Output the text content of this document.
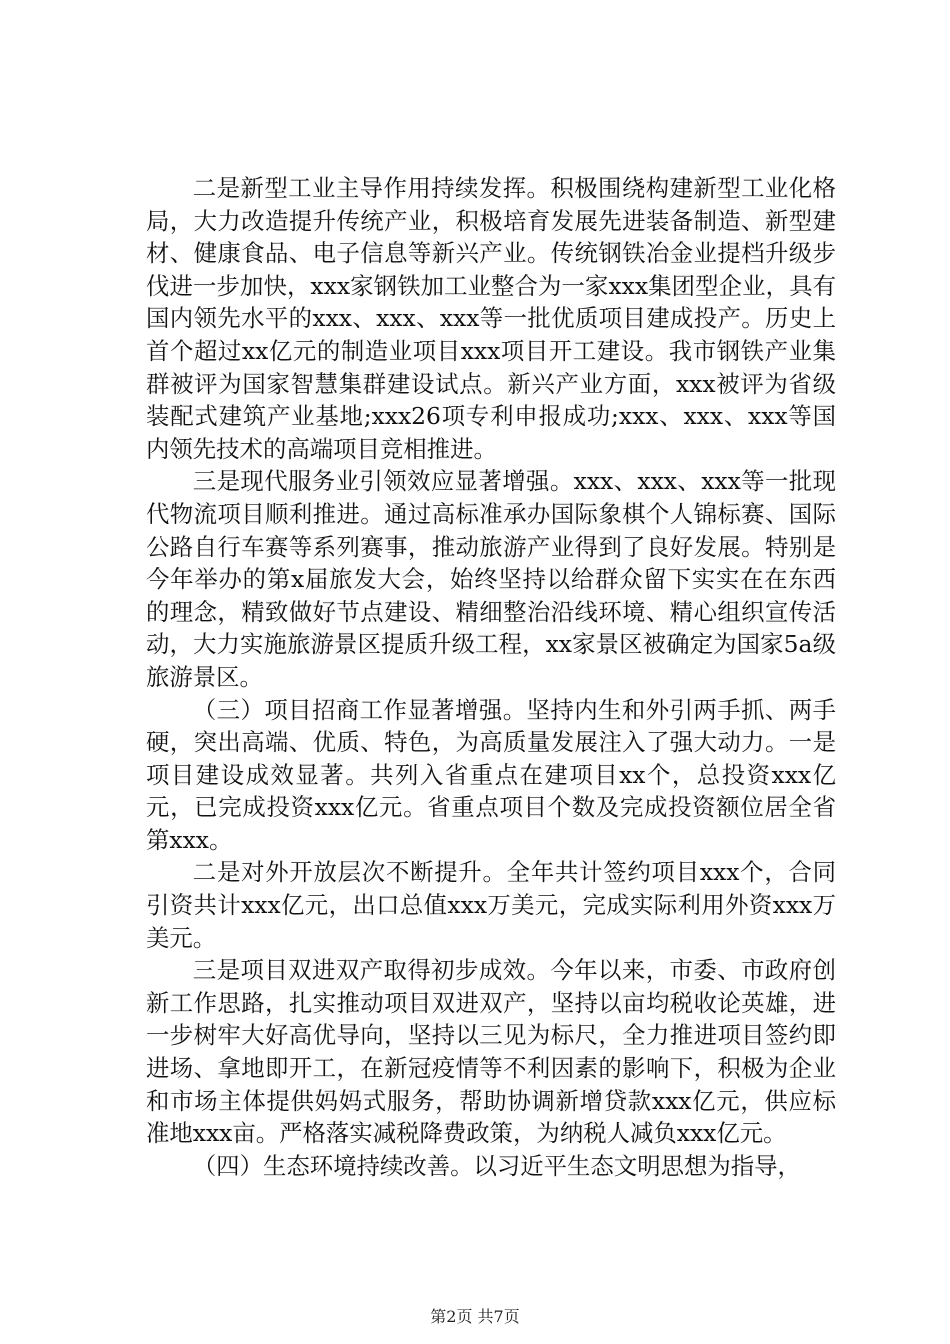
二是新型工业主导作用持续发挥。积极围绕构建新型工业化格局，大力改造提升传统产业，积极培育发展先进装备制造、新型建材、健康食品、电子信息等新兴产业。传统钢铁冶金业提档升级步伐进一步加快，xxx家钢铁加工业整合为一家xxx集团型企业，具有国内领先水平的xxx、xxx、xxx等一批优质项目建成投产。历史上首个超过xx亿元的制造业项目xxx项目开工建设。我市钢铁产业集群被评为国家智慧集群建设试点。新兴产业方面，xxx被评为省级装配式建筑产业基地;xxx26项专利申报成功;xxx、xxx、xxx等国内领先技术的高端项目竞相推进。

三是现代服务业引领效应显著增强。xxx、xxx、xxx等一批现代物流项目顺利推进。通过高标准承办国际象棋个人锦标赛、国际公路自行车赛等系列赛事，推动旅游产业得到了良好发展。特别是今年举办的第x届旅发大会，始终坚持以给群众留下实实在在东西的理念，精致做好节点建设、精细整治沿线环境、精心组织宣传活动，大力实施旅游景区提质升级工程，xx家景区被确定为国家5a级旅游景区。

（三）项目招商工作显著增强。坚持内生和外引两手抓、两手硬，突出高端、优质、特色，为高质量发展注入了强大动力。一是项目建设成效显著。共列入省重点在建项目xx个，总投资xxx亿元，已完成投资xxx亿元。省重点项目个数及完成投资额位居全省第xxx。

二是对外开放层次不断提升。全年共计签约项目xxx个，合同引资共计xxx亿元，出口总值xxx万美元，完成实际利用外资xxx万美元。

三是项目双进双产取得初步成效。今年以来，市委、市政府创新工作思路，扎实推动项目双进双产，坚持以亩均税收论英雄，进一步树牢大好高优导向，坚持以三见为标尺，全力推进项目签约即进场、拿地即开工，在新冠疫情等不利因素的影响下，积极为企业和市场主体提供妈妈式服务，帮助协调新增贷款xxx亿元，供应标准地xxx亩。严格落实减税降费政策，为纳税人减负xxx亿元。

（四）生态环境持续改善。以习近平生态文明思想为指导，

第2页 共7页
